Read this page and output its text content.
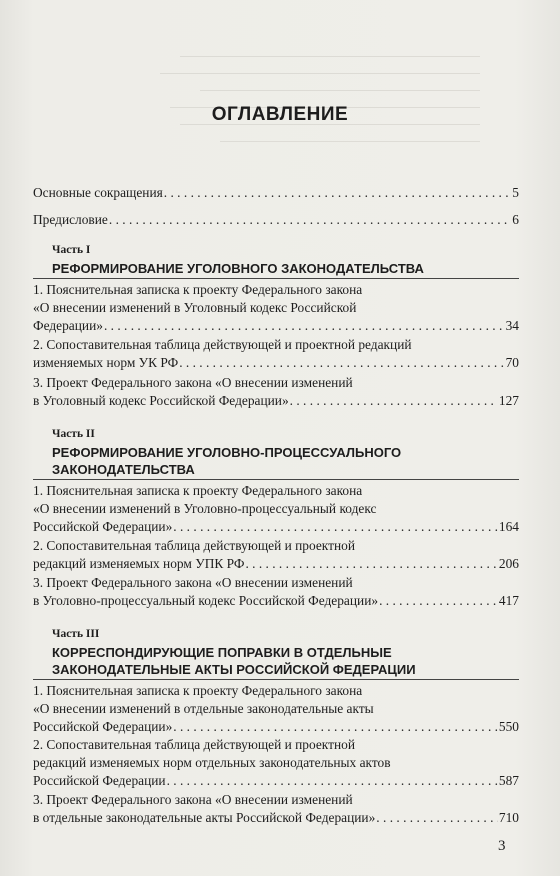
ОГЛАВЛЕНИЕ
Основные сокращения . . .	5
Предисловие . . .	6
Часть I
РЕФОРМИРОВАНИЕ УГОЛОВНОГО ЗАКОНОДАТЕЛЬСТВА
1. Пояснительная записка к проекту Федерального закона
«О внесении изменений в Уголовный кодекс Российской
Федерации» . . .	34
2. Сопоставительная таблица действующей и проектной редакций
изменяемых норм УК РФ . . .	70
3. Проект Федерального закона «О внесении изменений
в Уголовный кодекс Российской Федерации» . . .	127
Часть II
РЕФОРМИРОВАНИЕ УГОЛОВНО-ПРОЦЕССУАЛЬНОГО
ЗАКОНОДАТЕЛЬСТВА
1. Пояснительная записка к проекту Федерального закона
«О внесении изменений в Уголовно-процессуальный кодекс
Российской Федерации» . . .	164
2. Сопоставительная таблица действующей и проектной
редакций изменяемых норм УПК РФ . . .	206
3. Проект Федерального закона «О внесении изменений
в Уголовно-процессуальный кодекс Российской Федерации» . . .	417
Часть III
КОРРЕСПОНДИРУЮЩИЕ ПОПРАВКИ В ОТДЕЛЬНЫЕ
ЗАКОНОДАТЕЛЬНЫЕ АКТЫ РОССИЙСКОЙ ФЕДЕРАЦИИ
1. Пояснительная записка к проекту Федерального закона
«О внесении изменений в отдельные законодательные акты
Российской Федерации» . . .	550
2. Сопоставительная таблица действующей и проектной
редакций изменяемых норм отдельных законодательных актов
Российской Федерации . . .	587
3. Проект Федерального закона «О внесении изменений
в отдельные законодательные акты Российской Федерации» . . .	710
3
